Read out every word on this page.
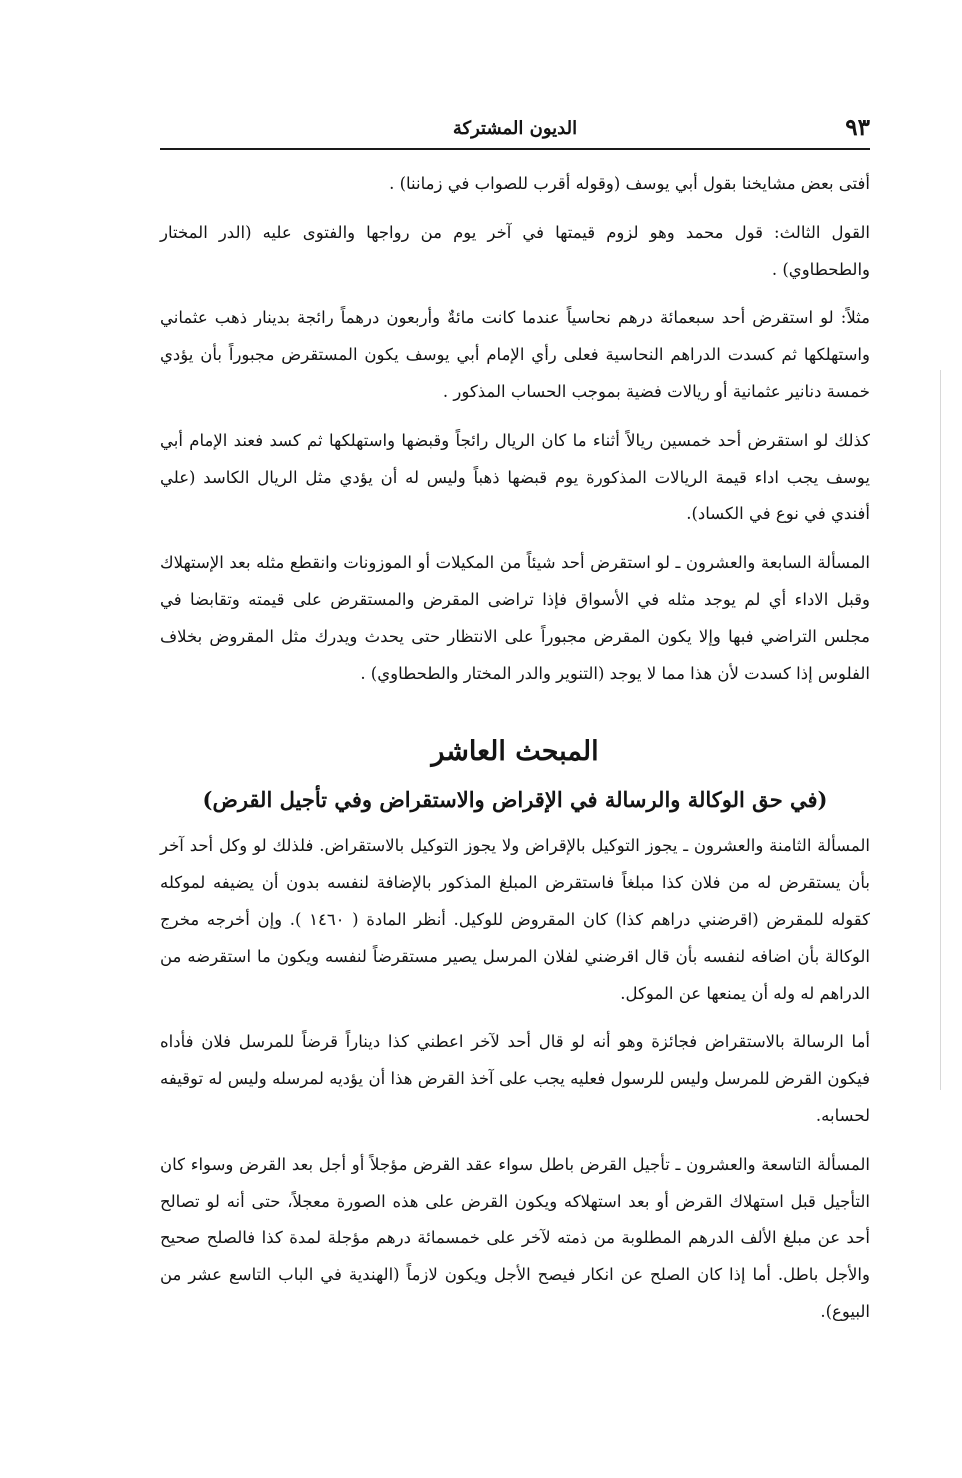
٩٣
الديون المشتركة

أفتى بعض مشايخنا بقول أبي يوسف (وقوله أقرب للصواب في زماننا) .

القول الثالث: قول محمد وهو لزوم قيمتها في آخر يوم من رواجها والفتوى عليه (الدر المختار والطحطاوي) .

مثلاً: لو استقرض أحد سبعمائة درهم نحاسياً عندما كانت مائةٌ وأربعون درهماً رائجة بدينار ذهب عثماني واستهلكها ثم كسدت الدراهم النحاسية فعلى رأي الإمام أبي يوسف يكون المستقرض مجبوراً بأن يؤدي خمسة دنانير عثمانية أو ريالات فضية بموجب الحساب المذكور .

كذلك لو استقرض أحد خمسين ريالاً أثناء ما كان الريال رائجاً وقبضها واستهلكها ثم كسد فعند الإمام أبي يوسف يجب اداء قيمة الريالات المذكورة يوم قبضها ذهباً وليس له أن يؤدي مثل الريال الكاسد (علي أفندي في نوع في الكساد).

المسألة السابعة والعشرون ـ لو استقرض أحد شيئاً من المكيلات أو الموزونات وانقطع مثله بعد الإستهلاك وقبل الاداء أي لم يوجد مثله في الأسواق فإذا تراضى المقرض والمستقرض على قيمته وتقابضا في مجلس التراضي فبها وإلا يكون المقرض مجبوراً على الانتظار حتى يحدث ويدرك مثل المقروض بخلاف الفلوس إذا كسدت لأن هذا مما لا يوجد (التنوير والدر المختار والطحطاوي) .

المبحث العاشر
(في حق الوكالة والرسالة في الإقراض والاستقراض وفي تأجيل القرض)

المسألة الثامنة والعشرون ـ يجوز التوكيل بالإقراض ولا يجوز التوكيل بالاستقراض. فلذلك لو وكل أحد آخر بأن يستقرض له من فلان كذا مبلغاً فاستقرض المبلغ المذكور بالإضافة لنفسه بدون أن يضيفه لموكله كقوله للمقرض (اقرضني دراهم كذا) كان المقروض للوكيل. أنظر المادة ( ١٤٦٠ ). وإن أخرجه مخرج الوكالة بأن اضافه لنفسه بأن قال اقرضني لفلان المرسل يصير مستقرضاً لنفسه ويكون ما استقرضه من الدراهم له وله أن يمنعها عن الموكل.

أما الرسالة بالاستقراض فجائزة وهو أنه لو قال أحد لآخر اعطني كذا ديناراً قرضاً للمرسل فلان فأداه فيكون القرض للمرسل وليس للرسول فعليه يجب على آخذ القرض هذا أن يؤديه لمرسله وليس له توقيفه لحسابه.

المسألة التاسعة والعشرون ـ تأجيل القرض باطل سواء عقد القرض مؤجلاً أو أجل بعد القرض وسواء كان التأجيل قبل استهلاك القرض أو بعد استهلاكه ويكون القرض على هذه الصورة معجلاً، حتى أنه لو تصالح أحد عن مبلغ الألف الدرهم المطلوبة من ذمته لآخر على خمسمائة درهم مؤجلة لمدة كذا فالصلح صحيح والأجل باطل. أما إذا كان الصلح عن انكار فيصح الأجل ويكون لازماً (الهندية في الباب التاسع عشر من البيوع).
